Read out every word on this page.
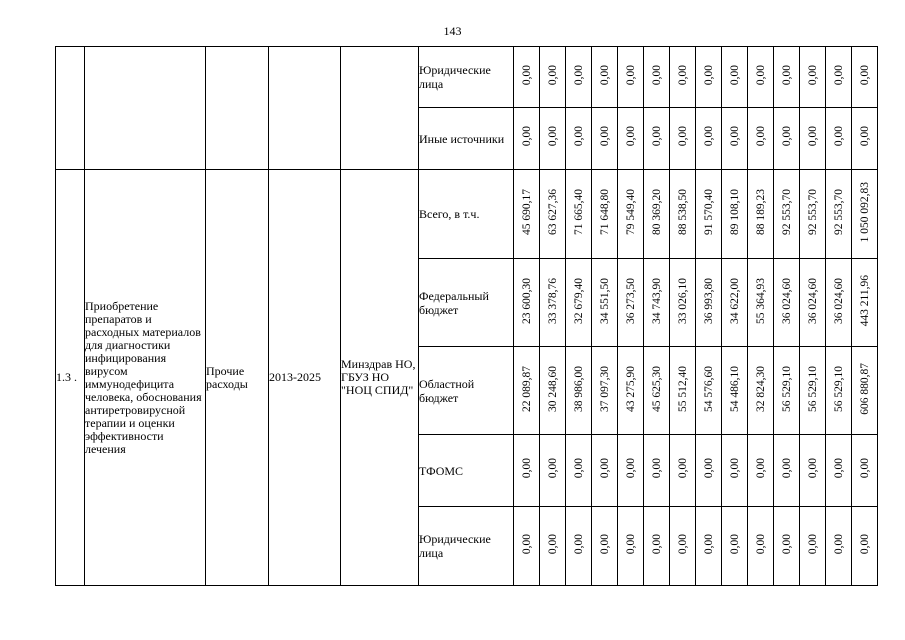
143
					Юридические лица	0,00	0,00	0,00	0,00	0,00	0,00	0,00	0,00	0,00	0,00	0,00	0,00	0,00	0,00
					Иные источники	0,00	0,00	0,00	0,00	0,00	0,00	0,00	0,00	0,00	0,00	0,00	0,00	0,00	0,00
1.3 .	Приобретение препаратов и расходных материалов для диагностики инфицирования вирусом иммунодефицита человека, обоснования антиретровирусной терапии и оценки эффективности лечения	Прочие расходы	2013-2025	Минздрав НО, ГБУЗ НО "НОЦ СПИД"	Всего, в т.ч.	45 690,17	63 627,36	71 665,40	71 648,80	79 549,40	80 369,20	88 538,50	91 570,40	89 108,10	88 189,23	92 553,70	92 553,70	92 553,70	1 050 092,83
					Федеральный бюджет	23 600,30	33 378,76	32 679,40	34 551,50	36 273,50	34 743,90	33 026,10	36 993,80	34 622,00	55 364,93	36 024,60	36 024,60	36 024,60	443 211,96
					Областной бюджет	22 089,87	30 248,60	38 986,00	37 097,30	43 275,90	45 625,30	55 512,40	54 576,60	54 486,10	32 824,30	56 529,10	56 529,10	56 529,10	606 880,87
					ТФОМС	0,00	0,00	0,00	0,00	0,00	0,00	0,00	0,00	0,00	0,00	0,00	0,00	0,00	0,00
					Юридические лица	0,00	0,00	0,00	0,00	0,00	0,00	0,00	0,00	0,00	0,00	0,00	0,00	0,00	0,00
